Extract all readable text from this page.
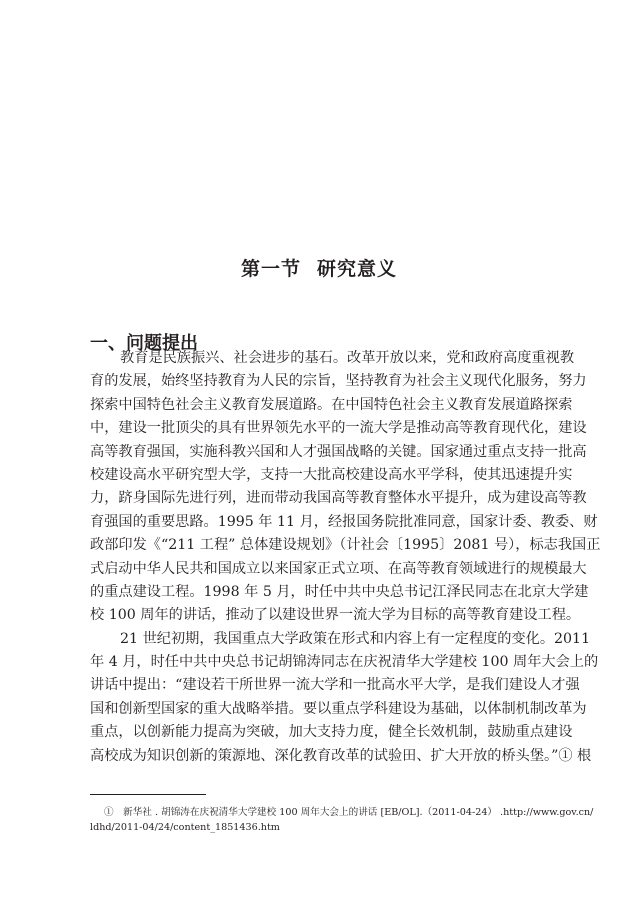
第一节 研究意义
一、问题提出
教育是民族振兴、社会进步的基石。改革开放以来，党和政府高度重视教
育的发展，始终坚持教育为人民的宗旨，坚持教育为社会主义现代化服务，努力
探索中国特色社会主义教育发展道路。在中国特色社会主义教育发展道路探索
中，建设一批顶尖的具有世界领先水平的一流大学是推动高等教育现代化，建设
高等教育强国，实施科教兴国和人才强国战略的关键。国家通过重点支持一批高
校建设高水平研究型大学，支持一大批高校建设高水平学科，使其迅速提升实
力，跻身国际先进行列，进而带动我国高等教育整体水平提升，成为建设高等教
育强国的重要思路。1995 年 11 月，经报国务院批准同意，国家计委、教委、财
政部印发《“211 工程” 总体建设规划》（计社会〔1995〕2081 号），标志我国正
式启动中华人民共和国成立以来国家正式立项、在高等教育领域进行的规模最大
的重点建设工程。1998 年 5 月，时任中共中央总书记江泽民同志在北京大学建
校 100 周年的讲话，推动了以建设世界一流大学为目标的高等教育建设工程。
21 世纪初期，我国重点大学政策在形式和内容上有一定程度的变化。2011
年 4 月，时任中共中央总书记胡锦涛同志在庆祝清华大学建校 100 周年大会上的
讲话中提出：“建设若干所世界一流大学和一批高水平大学，是我们建设人才强
国和创新型国家的重大战略举措。要以重点学科建设为基础，以体制机制改革为
重点，以创新能力提高为突破，加大支持力度，健全长效机制，鼓励重点建设
高校成为知识创新的策源地、深化教育改革的试验田、扩大开放的桥头堡。”① 根
①　新华社 . 胡锦涛在庆祝清华大学建校 100 周年大会上的讲话 [EB/OL].（2011-04-24） .http://www.gov.cn/
ldhd/2011-04/24/content_1851436.htm
